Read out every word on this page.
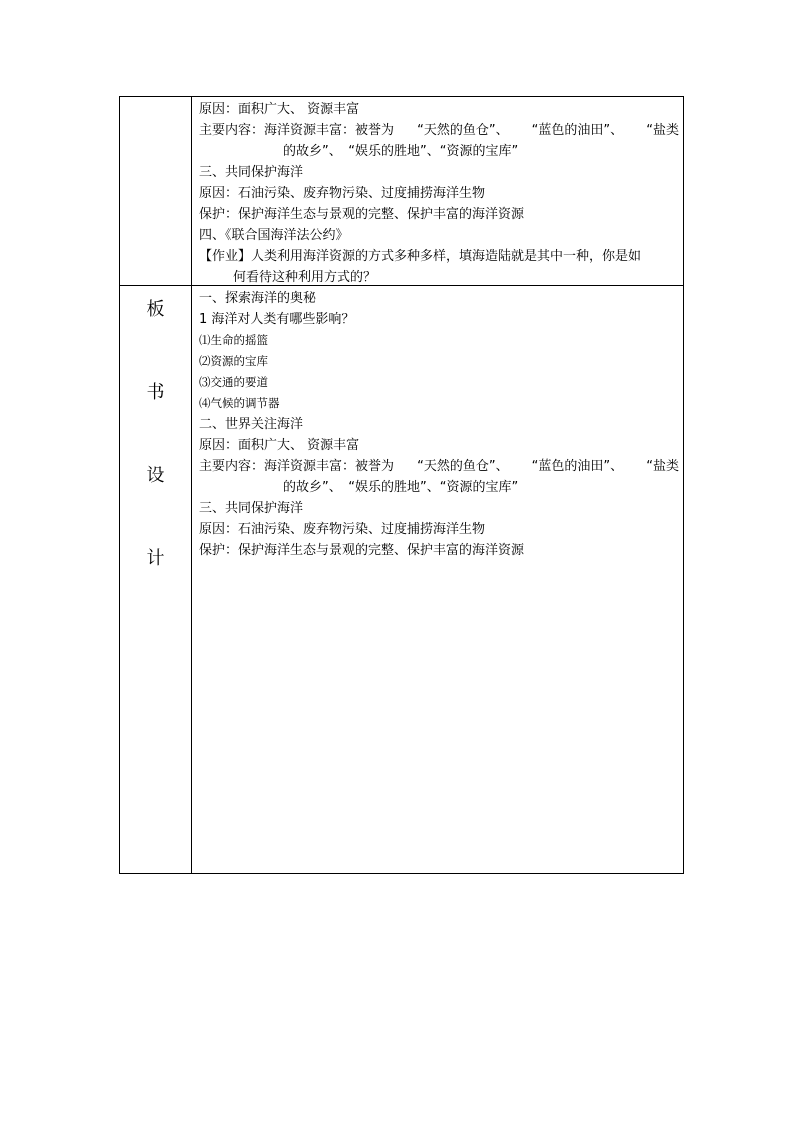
原因：面积广大、 资源丰富
主要内容：海洋资源丰富：被誉为 “天然的鱼仓”、 “蓝色的油田”、 “盐类
的故乡”、　“娱乐的胜地”、“资源的宝库”
三、共同保护海洋
原因：石油污染、废弃物污染、过度捕捞海洋生物
保护：保护海洋生态与景观的完整、保护丰富的海洋资源
四、《联合国海洋法公约》
【作业】人类利用海洋资源的方式多种多样，填海造陆就是其中一种，你是如
何看待这种利用方式的？
板
书
设
计
一、探索海洋的奥秘
1 海洋对人类有哪些影响？
⑴生命的摇篮
⑵资源的宝库
⑶交通的要道
⑷气候的调节器
二、世界关注海洋
原因：面积广大、 资源丰富
主要内容：海洋资源丰富：被誉为 “天然的鱼仓”、 “蓝色的油田”、 “盐类
的故乡”、　“娱乐的胜地”、“资源的宝库”
三、共同保护海洋
原因：石油污染、废弃物污染、过度捕捞海洋生物
保护：保护海洋生态与景观的完整、保护丰富的海洋资源
